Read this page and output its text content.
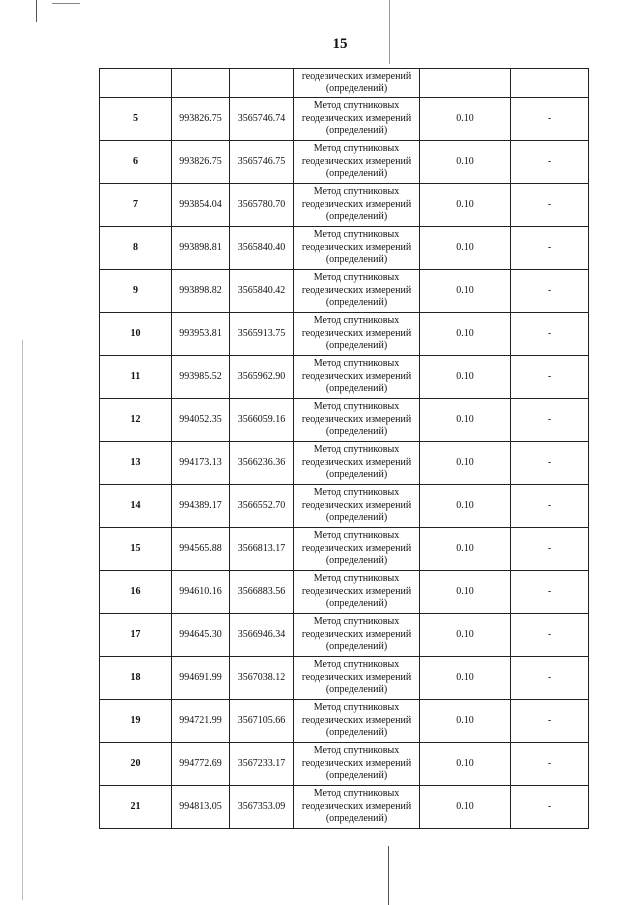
15

			геодезических измерений
(определений)		

5	993826.75	3565746.74	Метод спутниковых
геодезических измерений
(определений)	0.10	-
6	993826.75	3565746.75	Метод спутниковых
геодезических измерений
(определений)	0.10	-
7	993854.04	3565780.70	Метод спутниковых
геодезических измерений
(определений)	0.10	-
8	993898.81	3565840.40	Метод спутниковых
геодезических измерений
(определений)	0.10	-
9	993898.82	3565840.42	Метод спутниковых
геодезических измерений
(определений)	0.10	-
10	993953.81	3565913.75	Метод спутниковых
геодезических измерений
(определений)	0.10	-
11	993985.52	3565962.90	Метод спутниковых
геодезических измерений
(определений)	0.10	-
12	994052.35	3566059.16	Метод спутниковых
геодезических измерений
(определений)	0.10	-
13	994173.13	3566236.36	Метод спутниковых
геодезических измерений
(определений)	0.10	-
14	994389.17	3566552.70	Метод спутниковых
геодезических измерений
(определений)	0.10	-
15	994565.88	3566813.17	Метод спутниковых
геодезических измерений
(определений)	0.10	-
16	994610.16	3566883.56	Метод спутниковых
геодезических измерений
(определений)	0.10	-
17	994645.30	3566946.34	Метод спутниковых
геодезических измерений
(определений)	0.10	-
18	994691.99	3567038.12	Метод спутниковых
геодезических измерений
(определений)	0.10	-
19	994721.99	3567105.66	Метод спутниковых
геодезических измерений
(определений)	0.10	-
20	994772.69	3567233.17	Метод спутниковых
геодезических измерений
(определений)	0.10	-
21	994813.05	3567353.09	Метод спутниковых
геодезических измерений
(определений)	0.10	-
